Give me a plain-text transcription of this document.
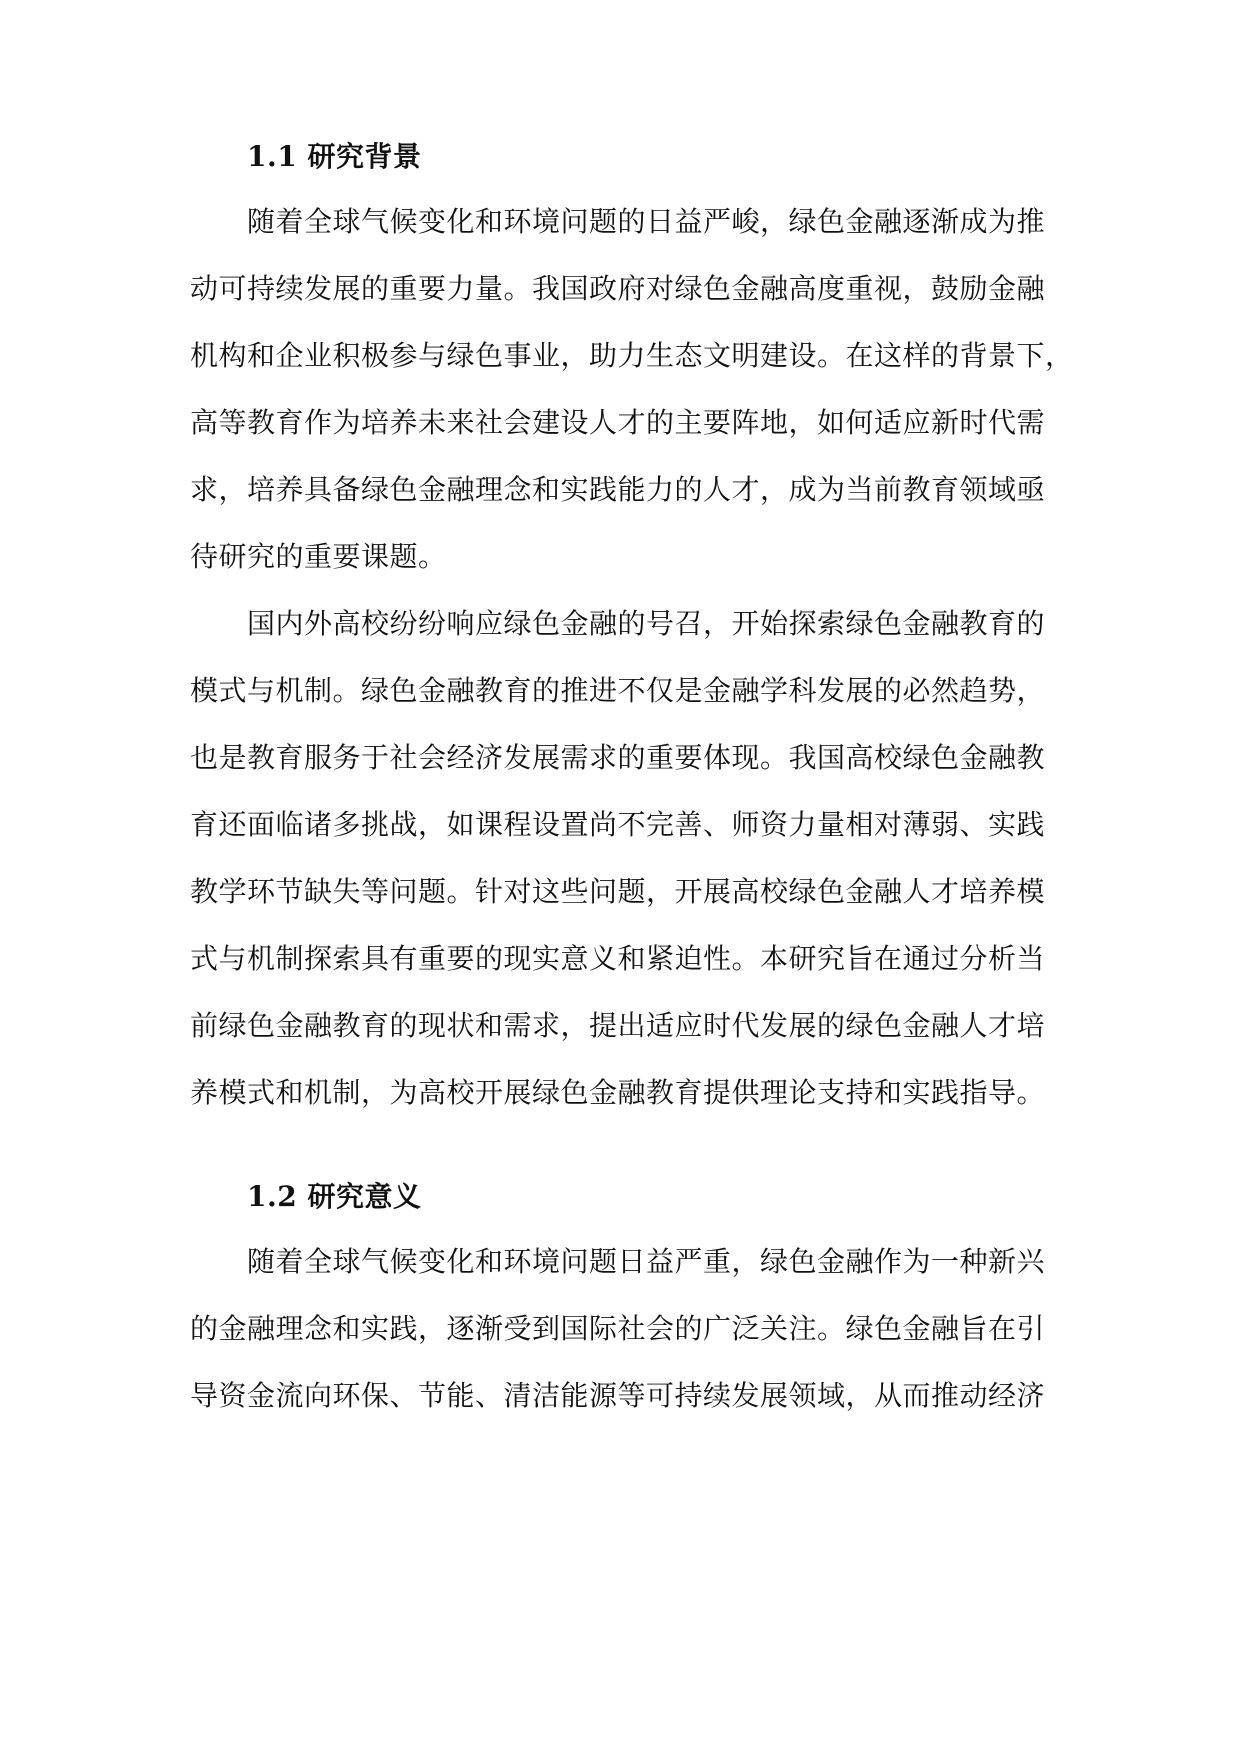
1.1 研究背景
随着全球气候变化和环境问题的日益严峻，绿色金融逐渐成为推
动可持续发展的重要力量。我国政府对绿色金融高度重视，鼓励金融
机构和企业积极参与绿色事业，助力生态文明建设。在这样的背景下，
高等教育作为培养未来社会建设人才的主要阵地，如何适应新时代需
求，培养具备绿色金融理念和实践能力的人才，成为当前教育领域亟
待研究的重要课题。
国内外高校纷纷响应绿色金融的号召，开始探索绿色金融教育的
模式与机制。绿色金融教育的推进不仅是金融学科发展的必然趋势，
也是教育服务于社会经济发展需求的重要体现。我国高校绿色金融教
育还面临诸多挑战，如课程设置尚不完善、师资力量相对薄弱、实践
教学环节缺失等问题。针对这些问题，开展高校绿色金融人才培养模
式与机制探索具有重要的现实意义和紧迫性。本研究旨在通过分析当
前绿色金融教育的现状和需求，提出适应时代发展的绿色金融人才培
养模式和机制，为高校开展绿色金融教育提供理论支持和实践指导。
1.2 研究意义
随着全球气候变化和环境问题日益严重，绿色金融作为一种新兴
的金融理念和实践，逐渐受到国际社会的广泛关注。绿色金融旨在引
导资金流向环保、节能、清洁能源等可持续发展领域，从而推动经济
